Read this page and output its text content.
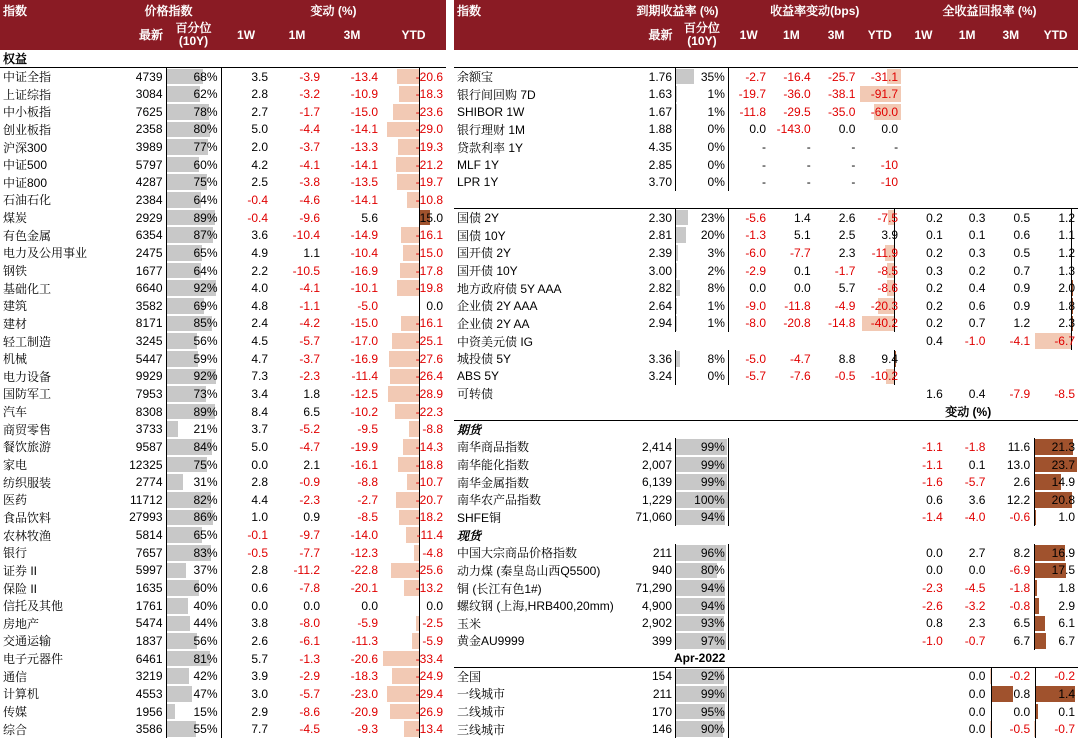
指数	价格指数		变动 (%)			
	最新	百分位
(10Y)	1W	1M	3M	YTD
权益						
中证全指	4739	68%	3.5	-3.9	-13.4	-20.6
上证综指	3084	62%	2.8	-3.2	-10.9	-18.3
中小板指	7625	78%	2.7	-1.7	-15.0	-23.6
创业板指	2358	80%	5.0	-4.4	-14.1	-29.0
沪深300	3989	77%	2.0	-3.7	-13.3	-19.3
中证500	5797	60%	4.2	-4.1	-14.1	-21.2
中证800	4287	75%	2.5	-3.8	-13.5	-19.7
石油石化	2384	64%	-0.4	-4.6	-14.1	-10.8
煤炭	2929	89%	-0.4	-9.6	5.6	15.0
有色金属	6354	87%	3.6	-10.4	-14.9	-16.1
电力及公用事业	2475	65%	4.9	1.1	-10.4	-15.0
钢铁	1677	64%	2.2	-10.5	-16.9	-17.8
基础化工	6640	92%	4.0	-4.1	-10.1	-19.8
建筑	3582	69%	4.8	-1.1	-5.0	0.0
建材	8171	85%	2.4	-4.2	-15.0	-16.1
轻工制造	3245	56%	4.5	-5.7	-17.0	-25.1
机械	5447	59%	4.7	-3.7	-16.9	-27.6
电力设备	9929	92%	7.3	-2.3	-11.4	-26.4
国防军工	7953	73%	3.4	1.8	-12.5	-28.9
汽车	8308	89%	8.4	6.5	-10.2	-22.3
商贸零售	3733	21%	3.7	-5.2	-9.5	-8.8
餐饮旅游	9587	84%	5.0	-4.7	-19.9	-14.3
家电	12325	75%	0.0	2.1	-16.1	-18.8
纺织服装	2774	31%	2.8	-0.9	-8.8	-10.7
医药	11712	82%	4.4	-2.3	-2.7	-20.7
食品饮料	27993	86%	1.0	0.9	-8.5	-18.2
农林牧渔	5814	65%	-0.1	-9.7	-14.0	-11.4
银行	7657	83%	-0.5	-7.7	-12.3	-4.8
证券 II	5997	37%	2.8	-11.2	-22.8	-25.6
保险 II	1635	60%	0.6	-7.8	-20.1	-13.2
信托及其他	1761	40%	0.0	0.0	0.0	0.0
房地产	5474	44%	3.8	-8.0	-5.9	-2.5
交通运输	1837	56%	2.6	-6.1	-11.3	-5.9
电子元器件	6461	81%	5.7	-1.3	-20.6	-33.4
通信	3219	42%	3.9	-2.9	-18.3	-24.9
计算机	4553	47%	3.0	-5.7	-23.0	-29.4
传媒	1956	15%	2.9	-8.6	-20.9	-26.9
综合	3586	55%	7.7	-4.5	-9.3	-13.4
指数	到期收益率 (%)		收益率变动(bps)				全收益回报率 (%)			
	最新	百分位
(10Y)	1W	1M	3M	YTD	1W	1M	3M	YTD

余额宝	1.76	35%	-2.7	-16.4	-25.7	-31.1				
银行间回购 7D	1.63	1%	-19.7	-36.0	-38.1	-91.7				
SHIBOR 1W	1.67	1%	-11.8	-29.5	-35.0	-60.0				
银行理财 1M	1.88	0%	0.0	-143.0	0.0	0.0				
贷款利率 1Y	4.35	0%	-	-	-	-				
MLF 1Y	2.85	0%	-	-	-	-10				
LPR 1Y	3.70	0%	-	-	-	-10				

国债 2Y	2.30	23%	-5.6	1.4	2.6	-7.5	0.2	0.3	0.5	1.2
国债 10Y	2.81	20%	-1.3	5.1	2.5	3.9	0.1	0.1	0.6	1.1
国开债 2Y	2.39	3%	-6.0	-7.7	2.3	-11.9	0.2	0.3	0.5	1.2
国开债 10Y	3.00	2%	-2.9	0.1	-1.7	-8.5	0.3	0.2	0.7	1.3
地方政府债 5Y AAA	2.82	8%	0.0	0.0	5.7	-8.6	0.2	0.4	0.9	2.0
企业债 2Y AAA	2.64	1%	-9.0	-11.8	-4.9	-20.3	0.2	0.6	0.9	1.8
企业债 2Y AA	2.94	1%	-8.0	-20.8	-14.8	-40.2	0.2	0.7	1.2	2.3
中资美元债 IG							0.4	-1.0	-4.1	-6.7
城投债 5Y	3.36	8%	-5.0	-4.7	8.8	9.4				
ABS 5Y	3.24	0%	-5.7	-7.6	-0.5	-10.2				
可转债							1.6	0.4	-7.9	-8.5
						变动 (%)				
期货										
南华商品指数	2,414	99%					-1.1	-1.8	11.6	21.3
南华能化指数	2,007	99%					-1.1	0.1	13.0	23.7
南华金属指数	6,139	99%					-1.6	-5.7	2.6	14.9
南华农产品指数	1,229	100%					0.6	3.6	12.2	20.8
SHFE铜	71,060	94%					-1.4	-4.0	-0.6	1.0
现货										
中国大宗商品价格指数	211	96%					0.0	2.7	8.2	16.9
动力煤 (秦皇岛山西Q5500)	940	80%					0.0	0.0	-6.9	17.5
铜 (长江有色1#)	71,290	94%					-2.3	-4.5	-1.8	1.8
螺纹钢 (上海,HRB400,20mm)	4,900	94%					-2.6	-3.2	-0.8	2.9
玉米	2,902	93%					0.8	2.3	6.5	6.1
黄金AU9999	399	97%					-1.0	-0.7	6.7	6.7
	Apr-2022									
全国	154	92%						0.0	-0.2	-0.2
一线城市	211	99%						0.0	0.8	1.4
二线城市	170	95%						0.0	0.0	0.1
三线城市	146	90%						0.0	-0.5	-0.7
